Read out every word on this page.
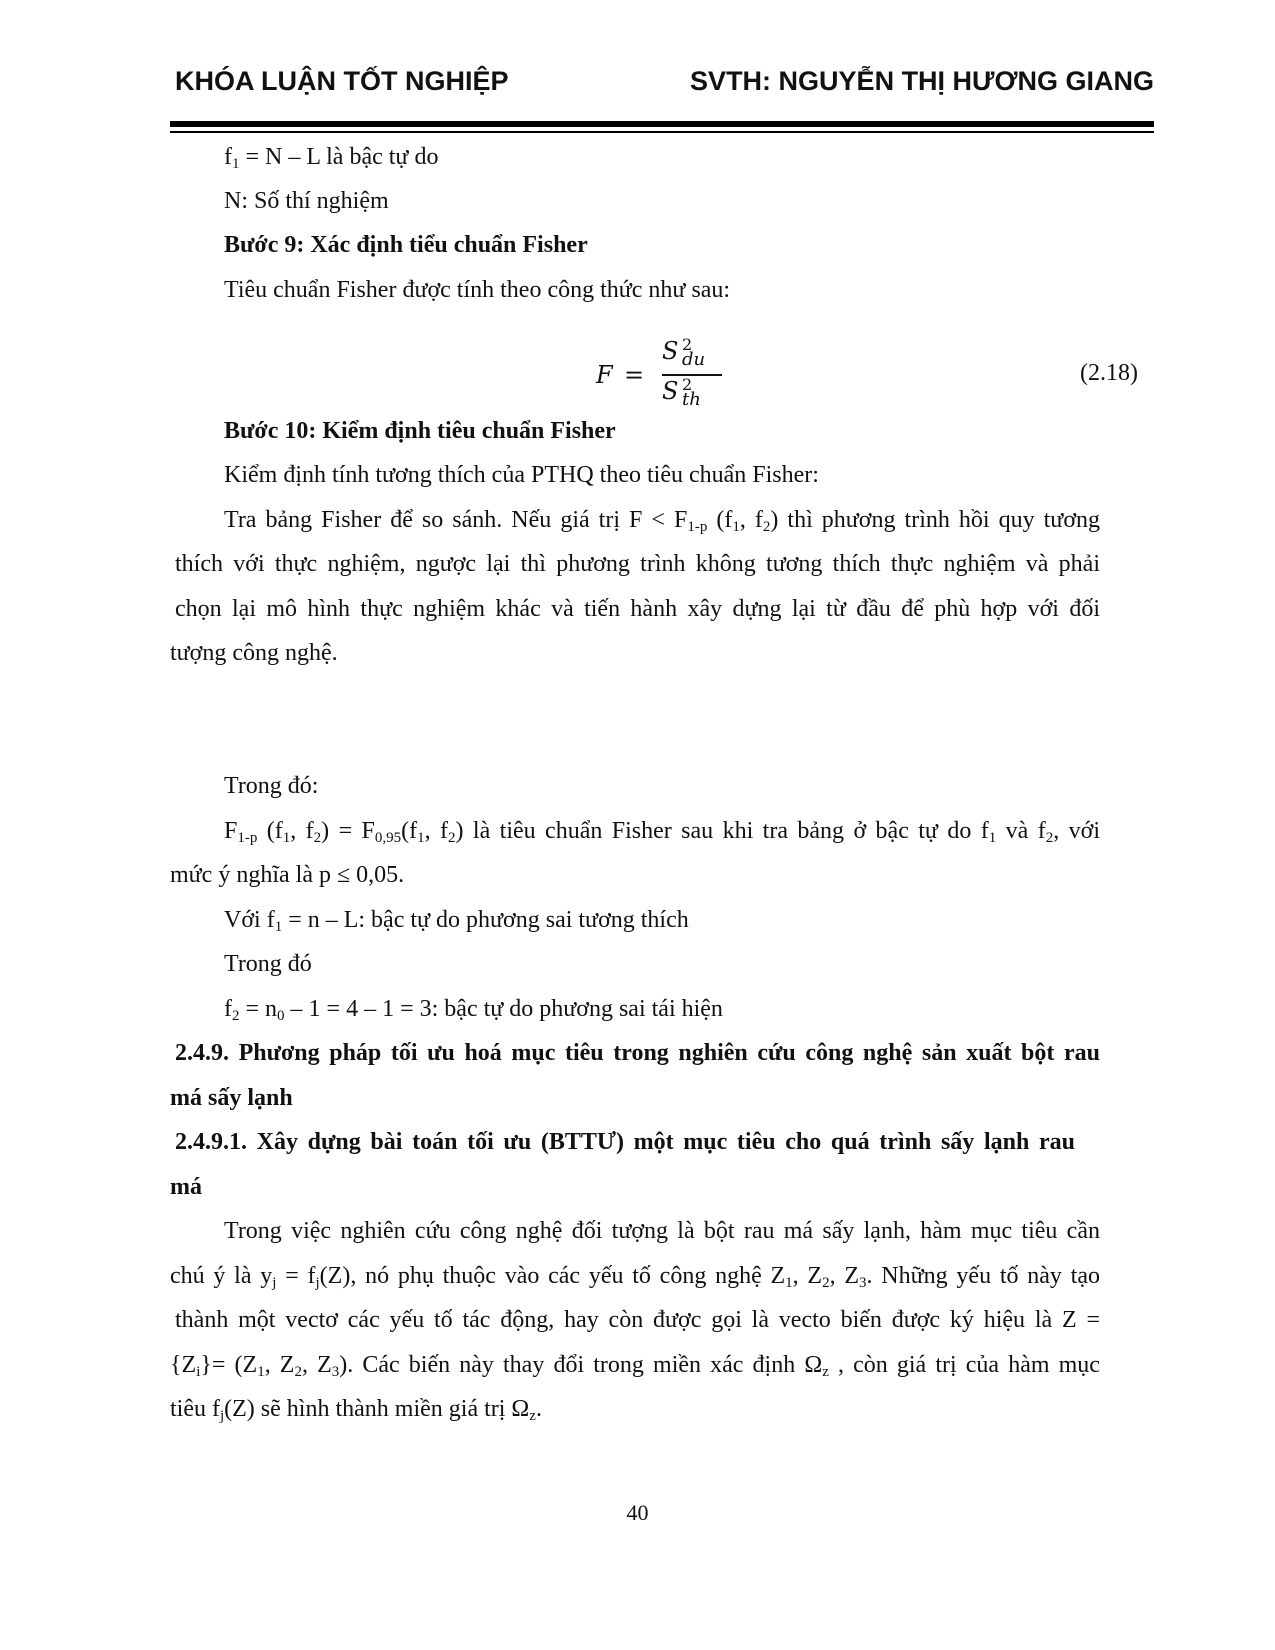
KHÓA LUẬN TỐT NGHIỆP	SVTH: NGUYỄN THỊ HƯƠNG GIANG
$f_1 = N - L$ là bậc tự do
N: Số thí nghiệm
Bước 9: Xác định tiểu chuẩn Fisher
Tiêu chuẩn Fisher được tính theo công thức như sau:
F =
S 2
du
S 2
th
(2.18)
Bước 10: Kiểm định tiêu chuẩn Fisher
Kiểm định tính tương thích của PTHQ theo tiêu chuẩn Fisher:
Tra bảng Fisher để so sánh. Nếu giá trị $F < F_{1-p}$ ($f_1$, $f_2$) thì phương trình hồi quy tương
thích với thực nghiệm, ngược lại thì phương trình không tương thích thực nghiệm và phải
chọn lại mô hình thực nghiệm khác và tiến hành xây dựng lại từ đầu để phù hợp với đối
tượng công nghệ.
Trong đó:
$F_{1-p}$ ($f_1$, $f_2) = F_{0,95}(f_1$, $f_2$) là tiêu chuẩn Fisher sau khi tra bảng ở bậc tự do $f_1$ và $f_2$, với
mức ý nghĩa là p ≤ 0,05.
Với $f_1 = n - L$: bậc tự do phương sai tương thích
Trong đó
$f_2 = n_0 - 1 = 4 - 1 = 3$: bậc tự do phương sai tái hiện
2.4.9. Phương pháp tối ưu hoá mục tiêu trong nghiên cứu công nghệ sản xuất bột rau
má sấy lạnh
2.4.9.1. Xây dựng bài toán tối ưu (BTTƯ) một mục tiêu cho quá trình sấy lạnh rau
má
Trong việc nghiên cứu công nghệ đối tượng là bột rau má sấy lạnh, hàm mục tiêu cần
chú ý là $y_j = f_j(Z)$, nó phụ thuộc vào các yếu tố công nghệ $Z_1$, $Z_2$, $Z_3$. Những yếu tố này tạo
thành một vectơ các yếu tố tác động, hay còn được gọi là vecto biến được ký hiệu là Z =
$\{Z_i\}= (Z_1$, $Z_2$, $Z_3$). Các biến này thay đổi trong miền xác định $\Omega_z$ , còn giá trị của hàm mục
tiêu $f_j(Z)$ sẽ hình thành miền giá trị $\Omega_z$.
40
